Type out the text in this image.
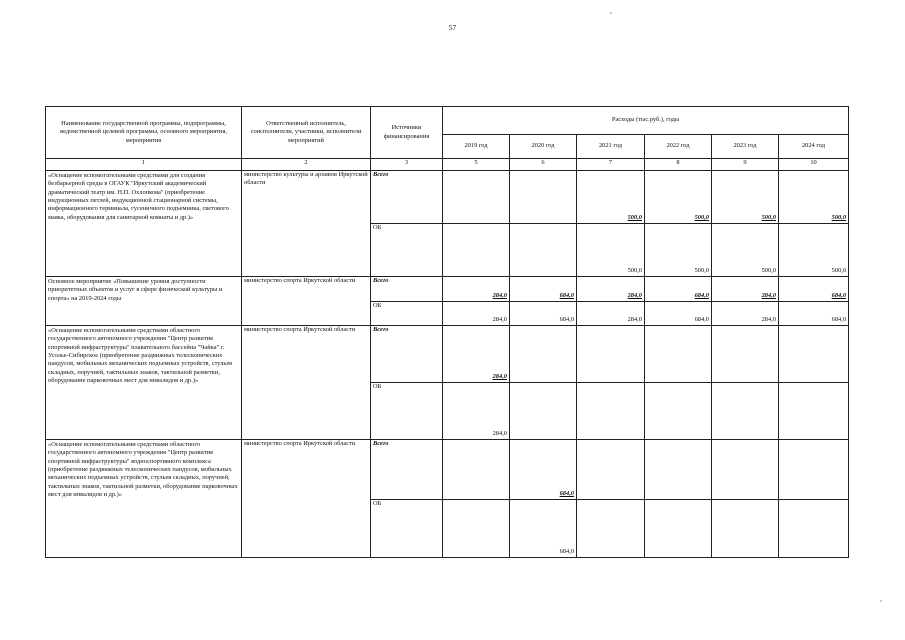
57
Наименование государственной программы, подпрограммы, ведомственной целевой программы, основного мероприятия, мероприятия	Ответственный исполнитель, соисполнители, участники, исполнители мероприятий	Источники финансирования	Расходы (тыс.руб.), годы					
			2019 год	2020 год	2021 год	2022 год	2023 год	2024 год
1	2	3	5	6	7	8	9	10
«Оснащение вспомогательными средствами для создания безбарьерной среды в ОГАУК "Иркутский академический драматический театр им. Н.П. Охлопкова" (приобретение индукционных петлей, индукционной стационарной системы, информационного терминала, гусеничного подъемника, светового маяка, оборудования для санитарной комнаты и др.)»	министерство культуры и архивов Иркутской области	Всего			500,0	500,0	500,0	500,0
		ОБ			500,0	500,0	500,0	500,0
Основное мероприятие «Повышение уровня доступности приоритетных объектов и услуг в сфере физической культуры и спорта» на 2019-2024 годы	министерство спорта Иркутской области	Всего	284,0	684,0	284,0	684,0	284,0	684,0
		ОБ	284,0	684,0	284,0	684,0	284,0	684,0
«Оснащение вспомогательными средствами областного государственного автономного учреждения "Центр развития спортивной инфраструктуры" плавательного бассейна "Чайка" г. Усолье-Сибирское (приобретение раздвижных телескопических пандусов, мобильных механических подъемных устройств, стульев складных, поручней, тактильных знаков, тактильной разметки, оборудование парковочных мест для инвалидов и др.)»	министерство спорта Иркутской области	Всего	284,0					
		ОБ	284,0					
«Оснащение вспомогательными средствами областного государственного автономного учреждения "Центр развития спортивной инфраструктуры" водноспортивного комплекса (приобретение раздвижных телескопических пандусов, мобильных механических подъемных устройств, стульев складных, поручней, тактильных знаков, тактильной разметки, оборудование парковочных мест для инвалидов и др.)»	министерство спорта Иркутской области	Всего		684,0				
		ОБ		684,0				
